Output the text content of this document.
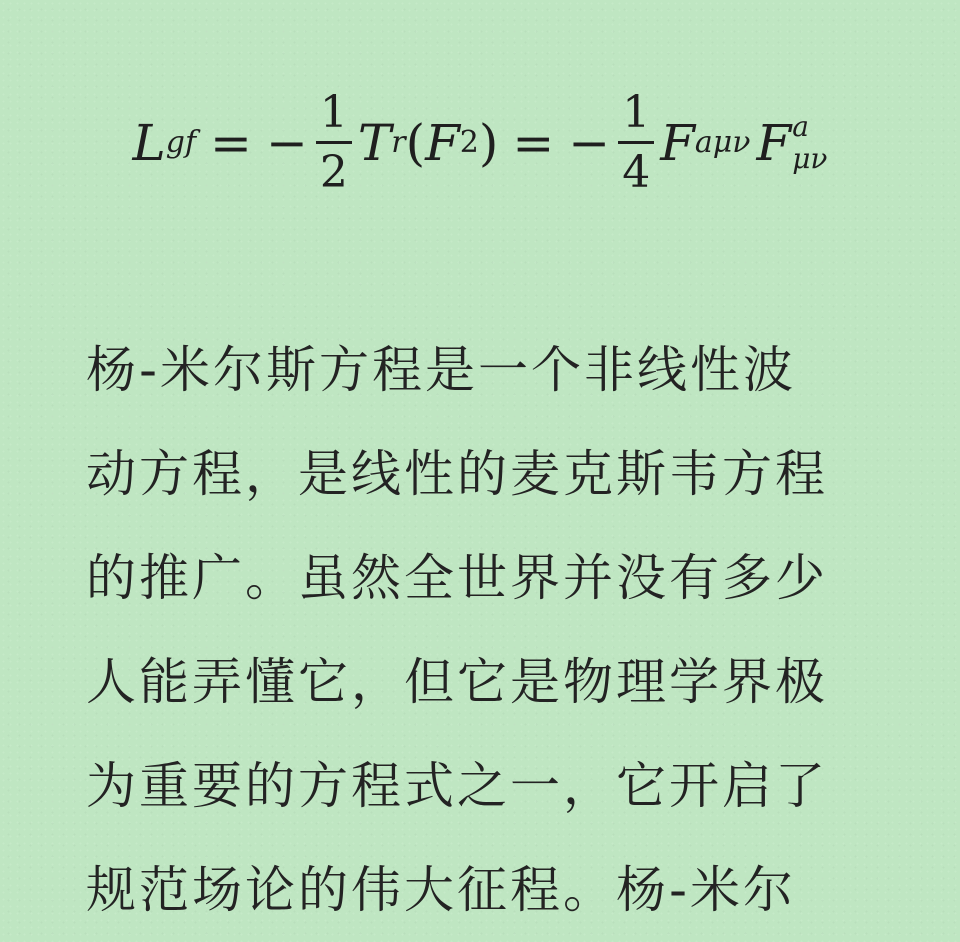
L gf = − $\frac{1}{2}$ T r ( F 2 ) = − $\frac{1}{4}$ F aμν F a
μν
杨-米尔斯方程是一个非线性波
动方程，是线性的麦克斯韦方程
的推广。虽然全世界并没有多少
人能弄懂它，但它是物理学界极
为重要的方程式之一，它开启了
规范场论的伟大征程。杨-米尔
